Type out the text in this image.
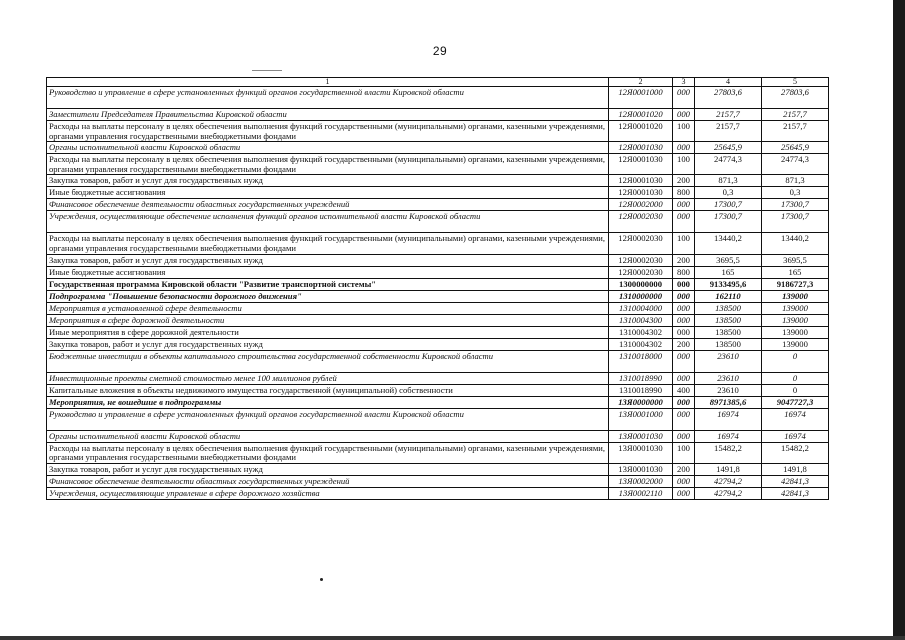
29
1	2	3	4	5
Руководство и управление в сфере установленных функций органов государственной власти Кировской области	12Я0001000	000	27803,6	27803,6
Заместители Председателя Правительства Кировской области	12Я0001020	000	2157,7	2157,7
Расходы на выплаты персоналу в целях обеспечения выполнения функций государственными (муниципальными) органами, казенными учреждениями, органами управления государственными внебюджетными фондами	12Я0001020	100	2157,7	2157,7
Органы исполнительной власти Кировской области	12Я0001030	000	25645,9	25645,9
Расходы на выплаты персоналу в целях обеспечения выполнения функций государственными (муниципальными) органами, казенными учреждениями, органами управления государственными внебюджетными фондами	12Я0001030	100	24774,3	24774,3
Закупка товаров, работ и услуг для государственных нужд	12Я0001030	200	871,3	871,3
Иные бюджетные ассигнования	12Я0001030	800	0,3	0,3
Финансовое обеспечение деятельности областных государственных учреждений	12Я0002000	000	17300,7	17300,7
Учреждения, осуществляющие обеспечение исполнения функций органов исполнительной власти Кировской области	12Я0002030	000	17300,7	17300,7
Расходы на выплаты персоналу в целях обеспечения выполнения функций государственными (муниципальными) органами, казенными учреждениями, органами управления государственными внебюджетными фондами	12Я0002030	100	13440,2	13440,2
Закупка товаров, работ и услуг для государственных нужд	12Я0002030	200	3695,5	3695,5
Иные бюджетные ассигнования	12Я0002030	800	165	165
Государственная программа Кировской области "Развитие транспортной системы"	1300000000	000	9133495,6	9186727,3
Подпрограмма "Повышение безопасности дорожного движения"	1310000000	000	162110	139000
Мероприятия в установленной сфере деятельности	1310004000	000	138500	139000
Мероприятия в сфере дорожной деятельности	1310004300	000	138500	139000
Иные мероприятия в сфере дорожной деятельности	1310004302	000	138500	139000
Закупка товаров, работ и услуг для государственных нужд	1310004302	200	138500	139000
Бюджетные инвестиции в объекты капитального строительства государственной собственности Кировской области	1310018000	000	23610	0
Инвестиционные проекты сметной стоимостью менее 100 миллионов рублей	1310018990	000	23610	0
Капитальные вложения в объекты недвижимого имущества государственной (муниципальной) собственности	1310018990	400	23610	0
Мероприятия, не вошедшие в подпрограммы	13Я0000000	000	8971385,6	9047727,3
Руководство и управление в сфере установленных функций органов государственной власти Кировской области	13Я0001000	000	16974	16974
Органы исполнительной власти Кировской области	13Я0001030	000	16974	16974
Расходы на выплаты персоналу в целях обеспечения выполнения функций государственными (муниципальными) органами, казенными учреждениями, органами управления государственными внебюджетными фондами	13Я0001030	100	15482,2	15482,2
Закупка товаров, работ и услуг для государственных нужд	13Я0001030	200	1491,8	1491,8
Финансовое обеспечение деятельности областных государственных учреждений	13Я0002000	000	42794,2	42841,3
Учреждения, осуществляющие управление в сфере дорожного хозяйства	13Я0002110	000	42794,2	42841,3
